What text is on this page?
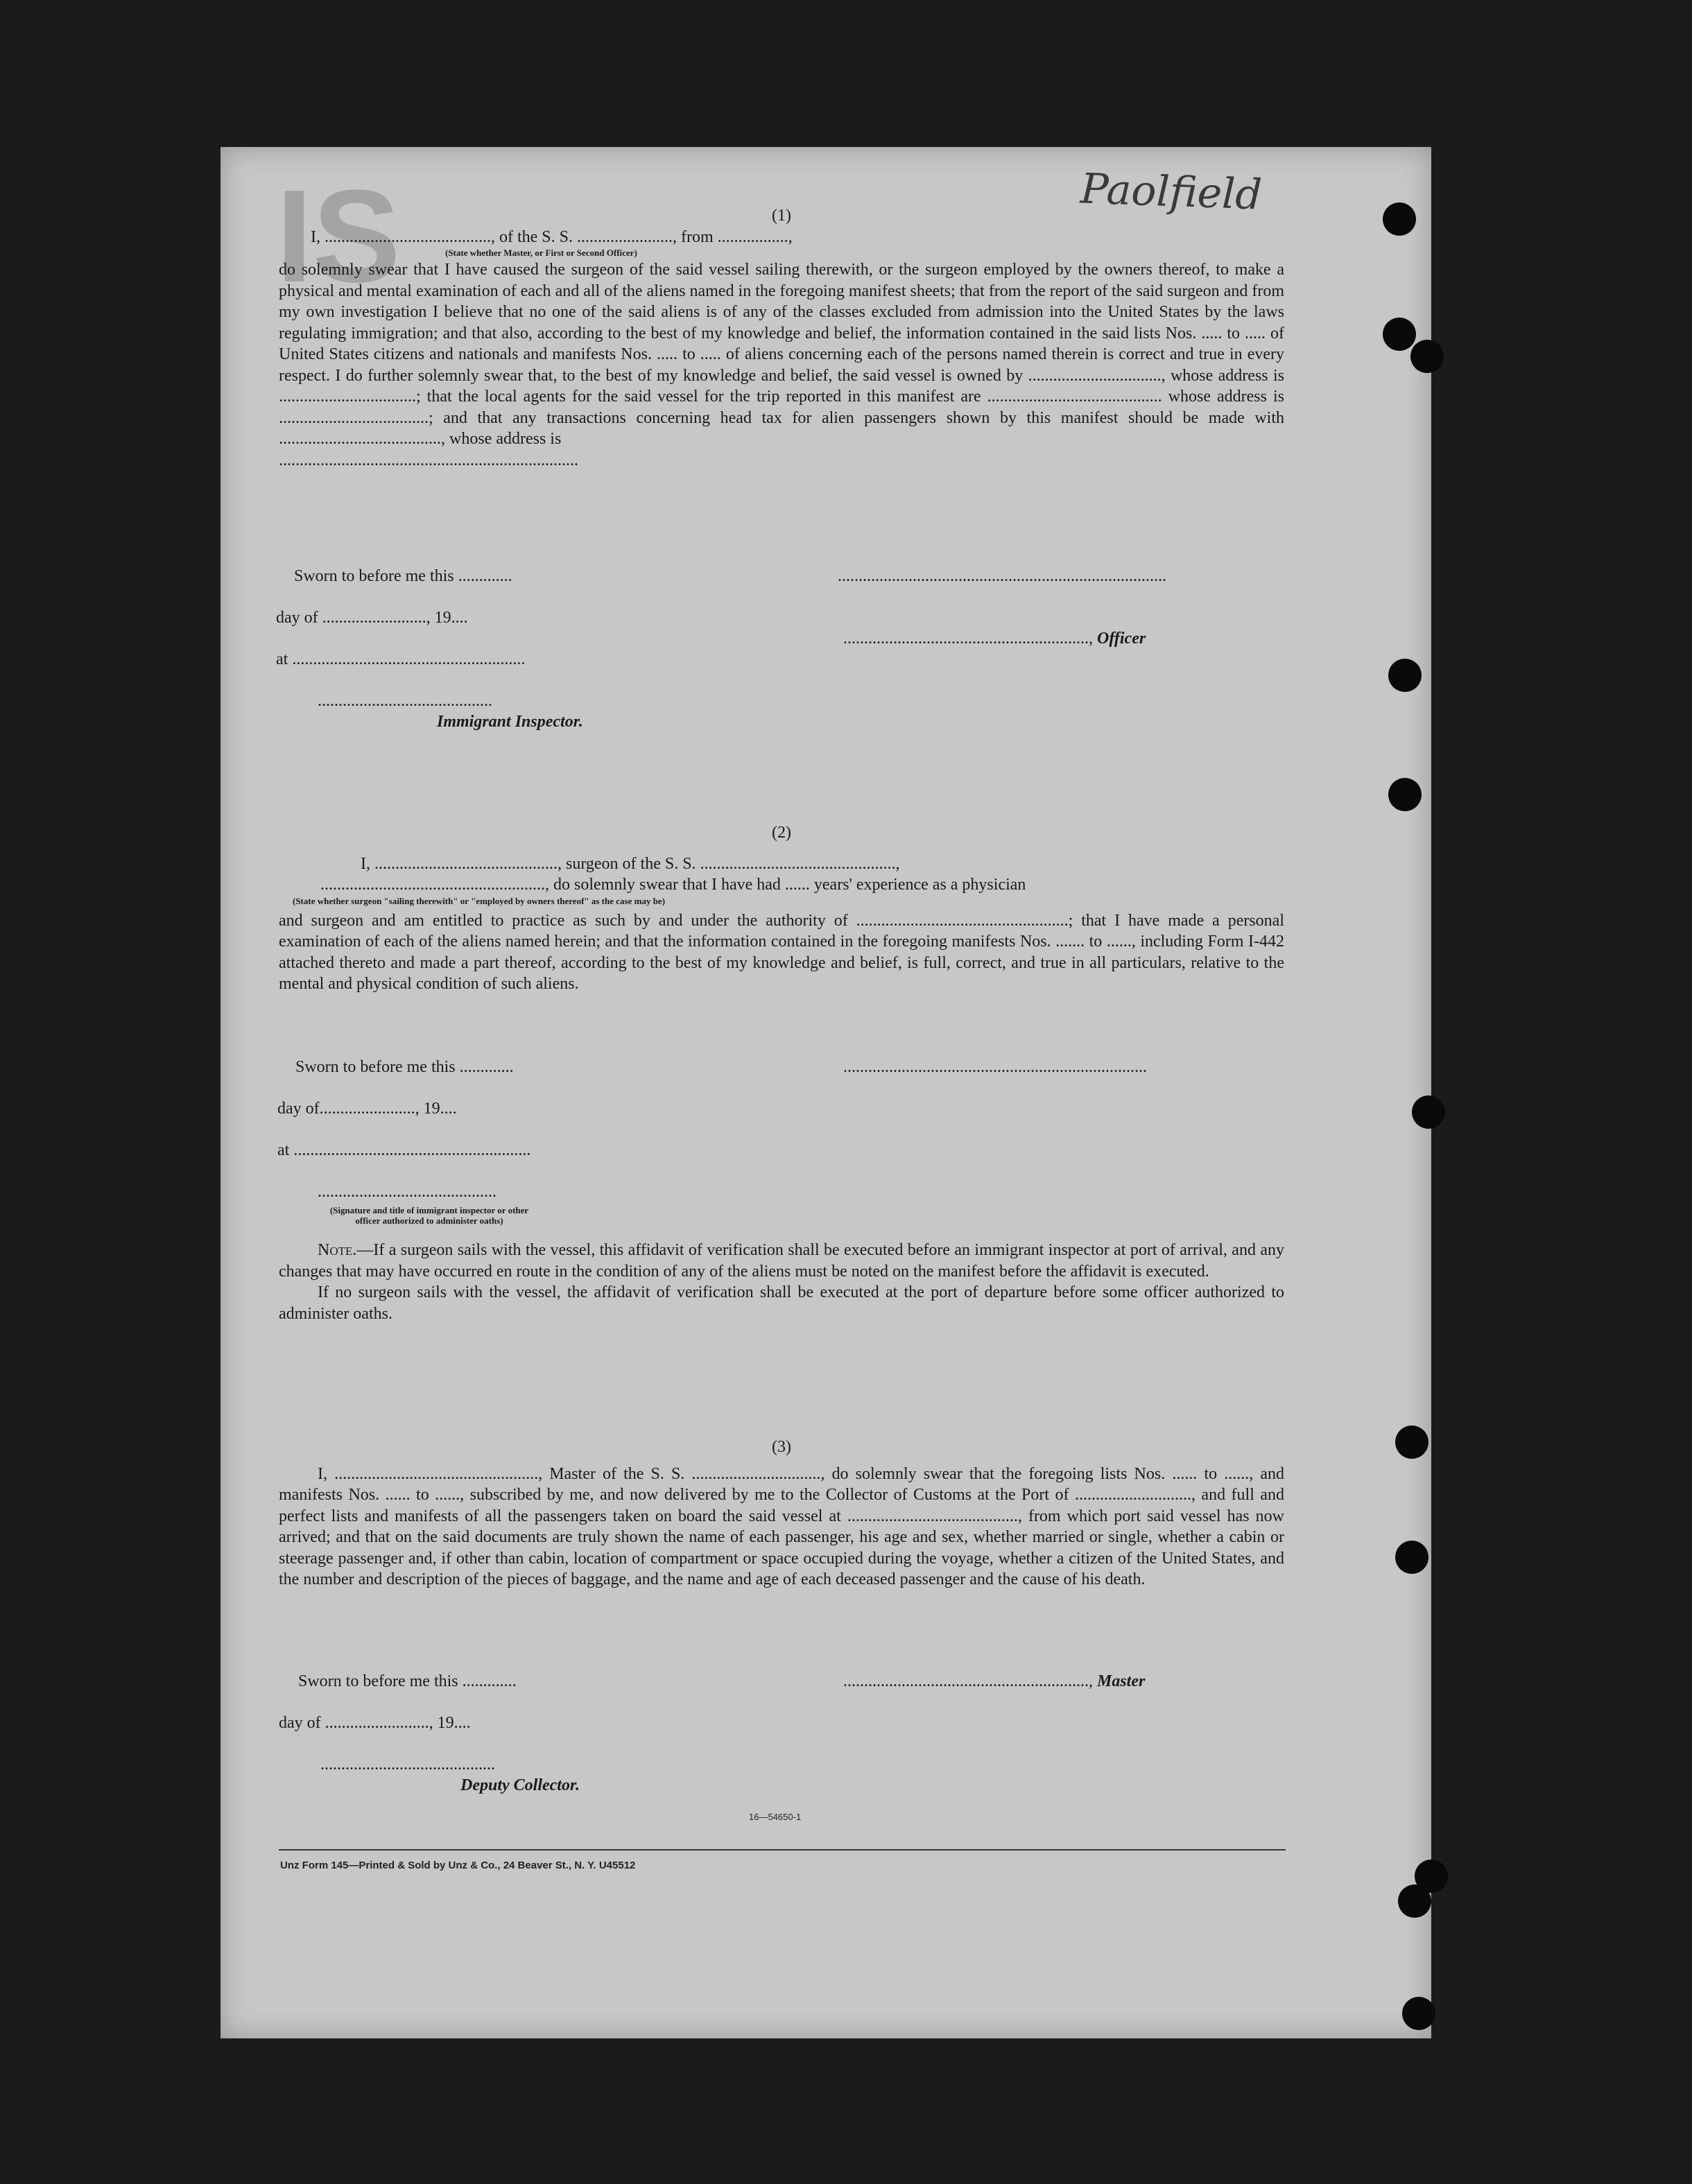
IS	Paolfield
(1)
I, ........................................, of the S. S. ......................., from .................,
(State whether Master, or First or Second Officer)
do solemnly swear that I have caused the surgeon of the said vessel sailing therewith, or the surgeon employed by the owners thereof, to make a physical and mental examination of each and all of the aliens named in the foregoing manifest sheets; that from the report of the said surgeon and from my own investigation I believe that no one of the said aliens is of any of the classes excluded from admission into the United States by the laws regulating immigration; and that also, according to the best of my knowledge and belief, the information contained in the said lists Nos. ..... to ..... of United States citizens and nationals and manifests Nos. ..... to ..... of aliens concerning each of the persons named therein is correct and true in every respect. I do further solemnly swear that, to the best of my knowledge and belief, the said vessel is owned by ................................, whose address is .................................; that the local agents for the said vessel for the trip reported in this manifest are .......................................... whose address is ....................................; and that any transactions concerning head tax for alien passengers shown by this manifest should be made with ......................................., whose address is
........................................................................
Sworn to before me this .............	...............................................................................
day of ........................., 19....
..........................................................., Officer
at ........................................................
..........................................
Immigrant Inspector.
(2)
I, ............................................, surgeon of the S. S. ...............................................,
......................................................, do solemnly swear that I have had ...... years' experience as a physician
(State whether surgeon "sailing therewith" or "employed by owners thereof" as the case may be)
and surgeon and am entitled to practice as such by and under the authority of ...................................................; that I have made a personal examination of each of the aliens named herein; and that the information contained in the foregoing manifests Nos. ....... to ......, including Form I-442 attached thereto and made a part thereof, according to the best of my knowledge and belief, is full, correct, and true in all particulars, relative to the mental and physical condition of such aliens.
Sworn to before me this .............	.........................................................................
day of......................., 19....
at .........................................................
...........................................
(Signature and title of immigrant inspector or other officer authorized to administer oaths)
Note.—If a surgeon sails with the vessel, this affidavit of verification shall be executed before an immigrant inspector at port of arrival, and any changes that may have occurred en route in the condition of any of the aliens must be noted on the manifest before the affidavit is executed.
If no surgeon sails with the vessel, the affidavit of verification shall be executed at the port of departure before some officer authorized to administer oaths.
(3)
I, ................................................., Master of the S. S. ..............................., do solemnly swear that the foregoing lists Nos. ...... to ......, and manifests Nos. ...... to ......, subscribed by me, and now delivered by me to the Collector of Customs at the Port of ............................, and full and perfect lists and manifests of all the passengers taken on board the said vessel at ........................................., from which port said vessel has now arrived; and that on the said documents are truly shown the name of each passenger, his age and sex, whether married or single, whether a cabin or steerage passenger and, if other than cabin, location of compartment or space occupied during the voyage, whether a citizen of the United States, and the number and description of the pieces of baggage, and the name and age of each deceased passenger and the cause of his death.
Sworn to before me this .............	..........................................................., Master
day of ........................., 19....
..........................................
Deputy Collector.
16—54650-1
Unz Form 145—Printed & Sold by Unz & Co., 24 Beaver St., N. Y. U45512
